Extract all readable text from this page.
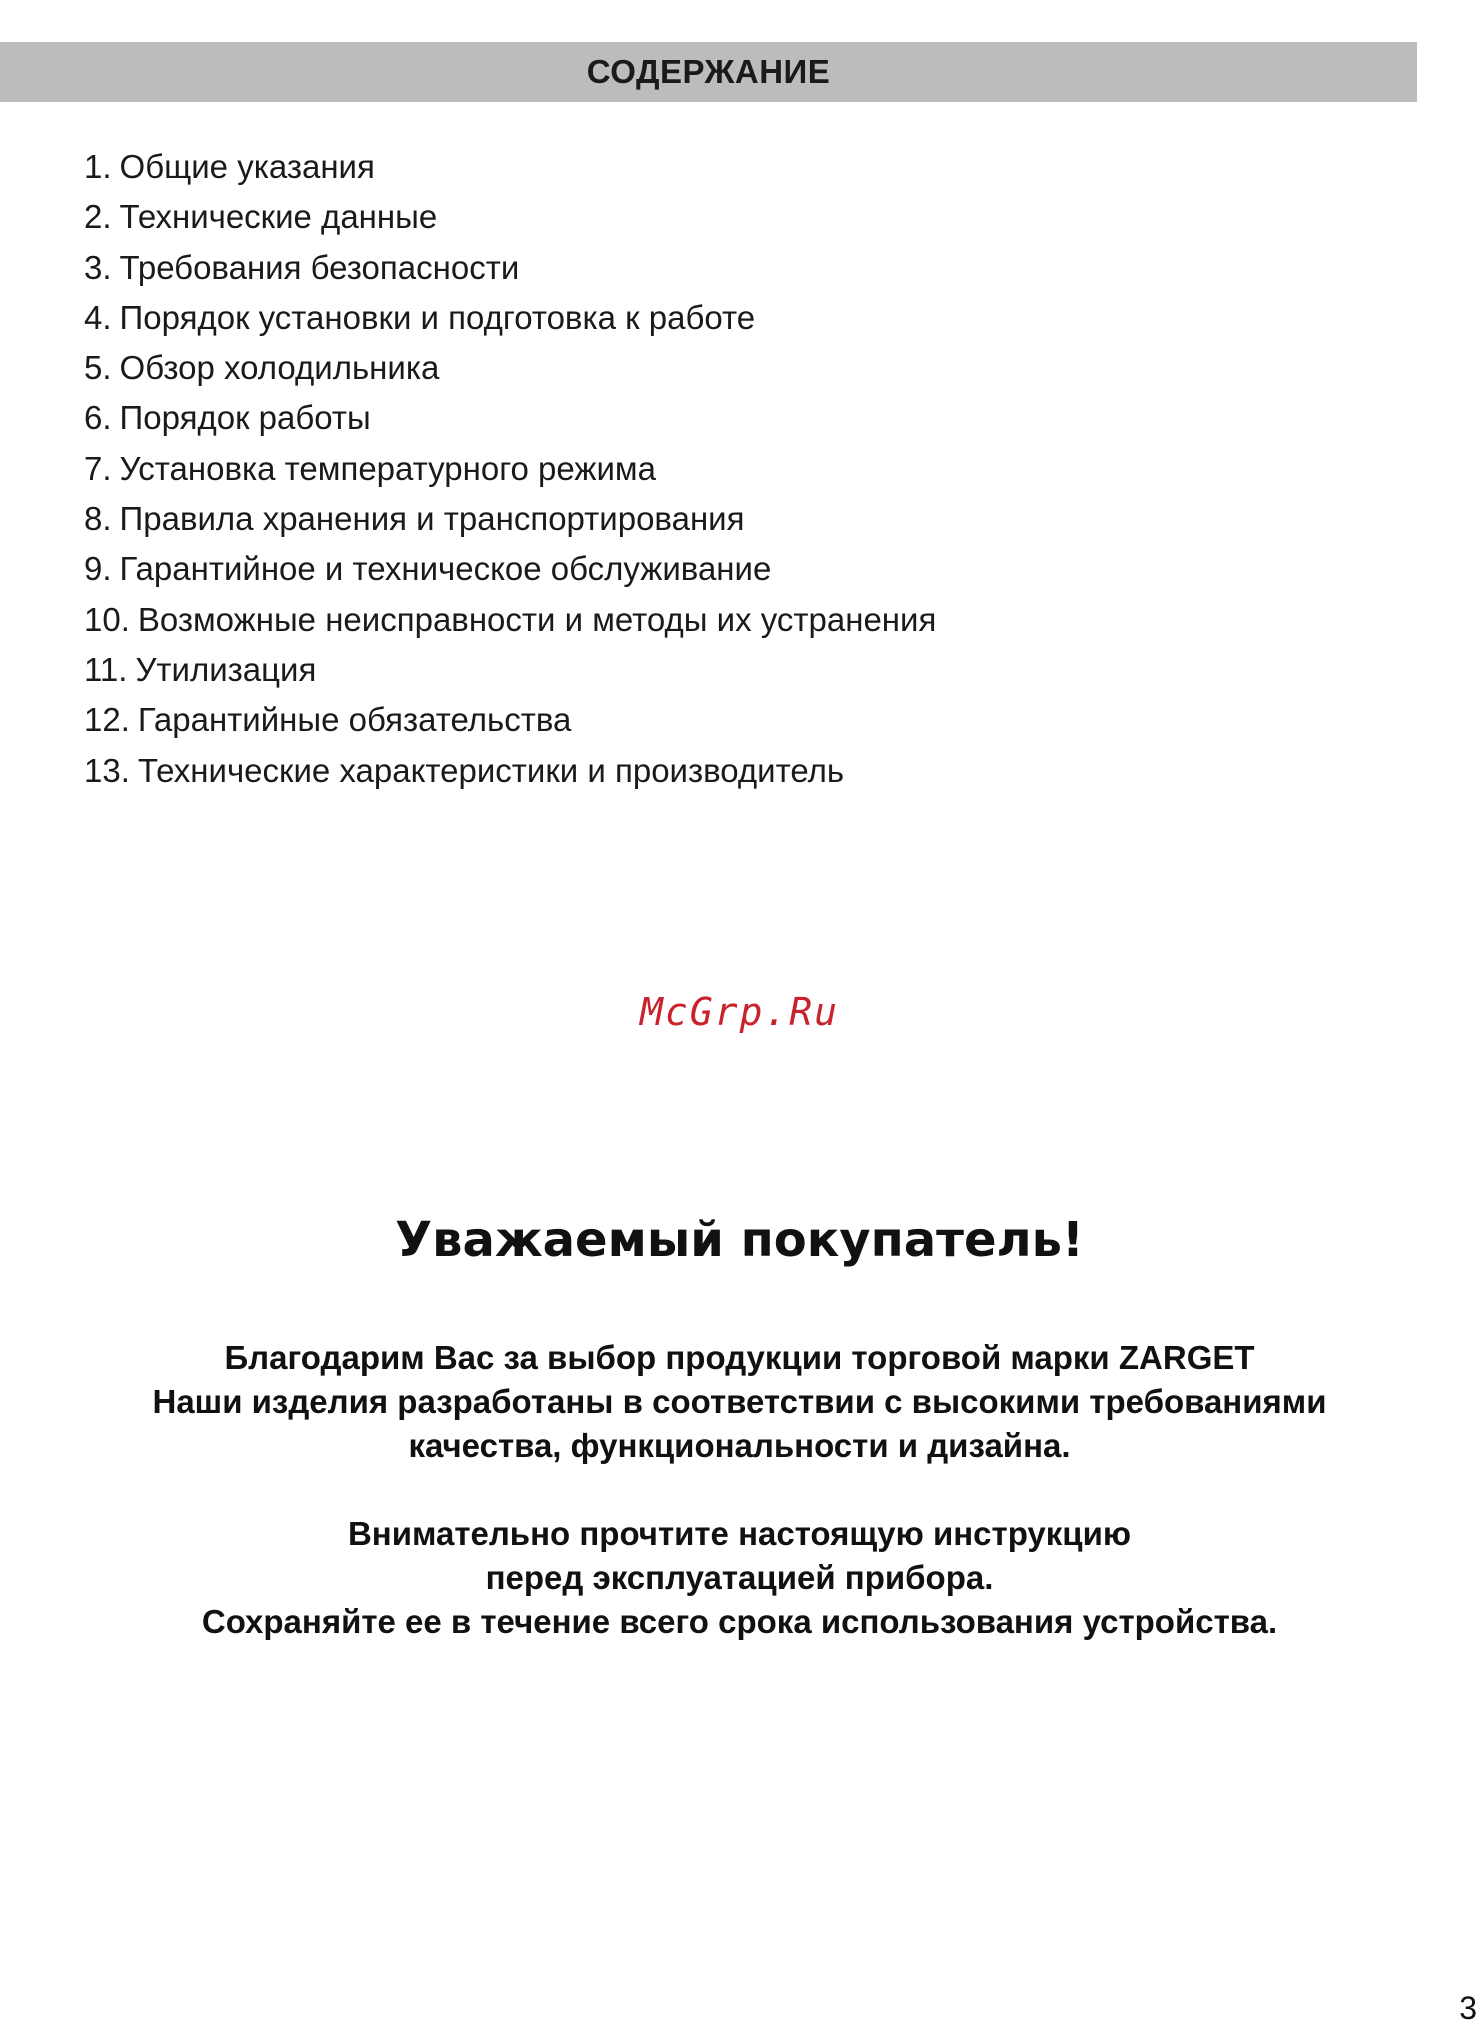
СОДЕРЖАНИЕ
1. Общие указания
2. Технические данные
3. Требования безопасности
4. Порядок установки и подготовка к работе
5. Обзор холодильника
6. Порядок работы
7. Установка температурного режима
8. Правила хранения и транспортирования
9. Гарантийное и техническое обслуживание
10. Возможные неисправности и методы их устранения
11. Утилизация
12. Гарантийные обязательства
13. Технические характеристики и производитель
McGrp.Ru
Уважаемый покупатель!
Благодарим Вас за выбор продукции торговой марки ZARGET
Наши изделия разработаны в соответствии с высокими требованиями
качества, функциональности и дизайна.
Внимательно прочтите настоящую инструкцию
перед эксплуатацией прибора.
Сохраняйте ее в течение всего срока использования устройства.
3
